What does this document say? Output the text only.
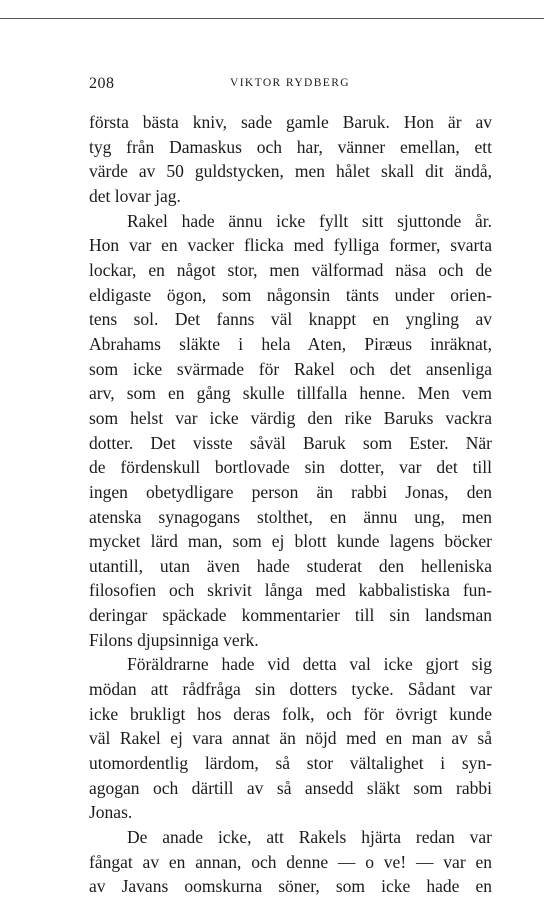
208	VIKTOR RYDBERG
första bästa kniv, sade gamle Baruk. Hon är av
tyg från Damaskus och har, vänner emellan, ett
värde av 50 guldstycken, men hålet skall dit ändå,
det lovar jag.
Rakel hade ännu icke fyllt sitt sjuttonde år.
Hon var en vacker flicka med fylliga former, svarta
lockar, en något stor, men välformad näsa och de
eldigaste ögon, som någonsin tänts under orien-
tens sol. Det fanns väl knappt en yngling av
Abrahams släkte i hela Aten, Piræus inräknat,
som icke svärmade för Rakel och det ansenliga
arv, som en gång skulle tillfalla henne. Men vem
som helst var icke värdig den rike Baruks vackra
dotter. Det visste såväl Baruk som Ester. När
de fördenskull bortlovade sin dotter, var det till
ingen obetydligare person än rabbi Jonas, den
atenska synagogans stolthet, en ännu ung, men
mycket lärd man, som ej blott kunde lagens böcker
utantill, utan även hade studerat den helleniska
filosofien och skrivit långa med kabbalistiska fun-
deringar späckade kommentarier till sin landsman
Filons djupsinniga verk.
Föräldrarne hade vid detta val icke gjort sig
mödan att rådfråga sin dotters tycke. Sådant var
icke brukligt hos deras folk, och för övrigt kunde
väl Rakel ej vara annat än nöjd med en man av så
utomordentlig lärdom, så stor vältalighet i syn-
agogan och därtill av så ansedd släkt som rabbi
Jonas.
De anade icke, att Rakels hjärta redan var
fångat av en annan, och denne — o ve! — var en
av Javans oomskurna söner, som icke hade en
